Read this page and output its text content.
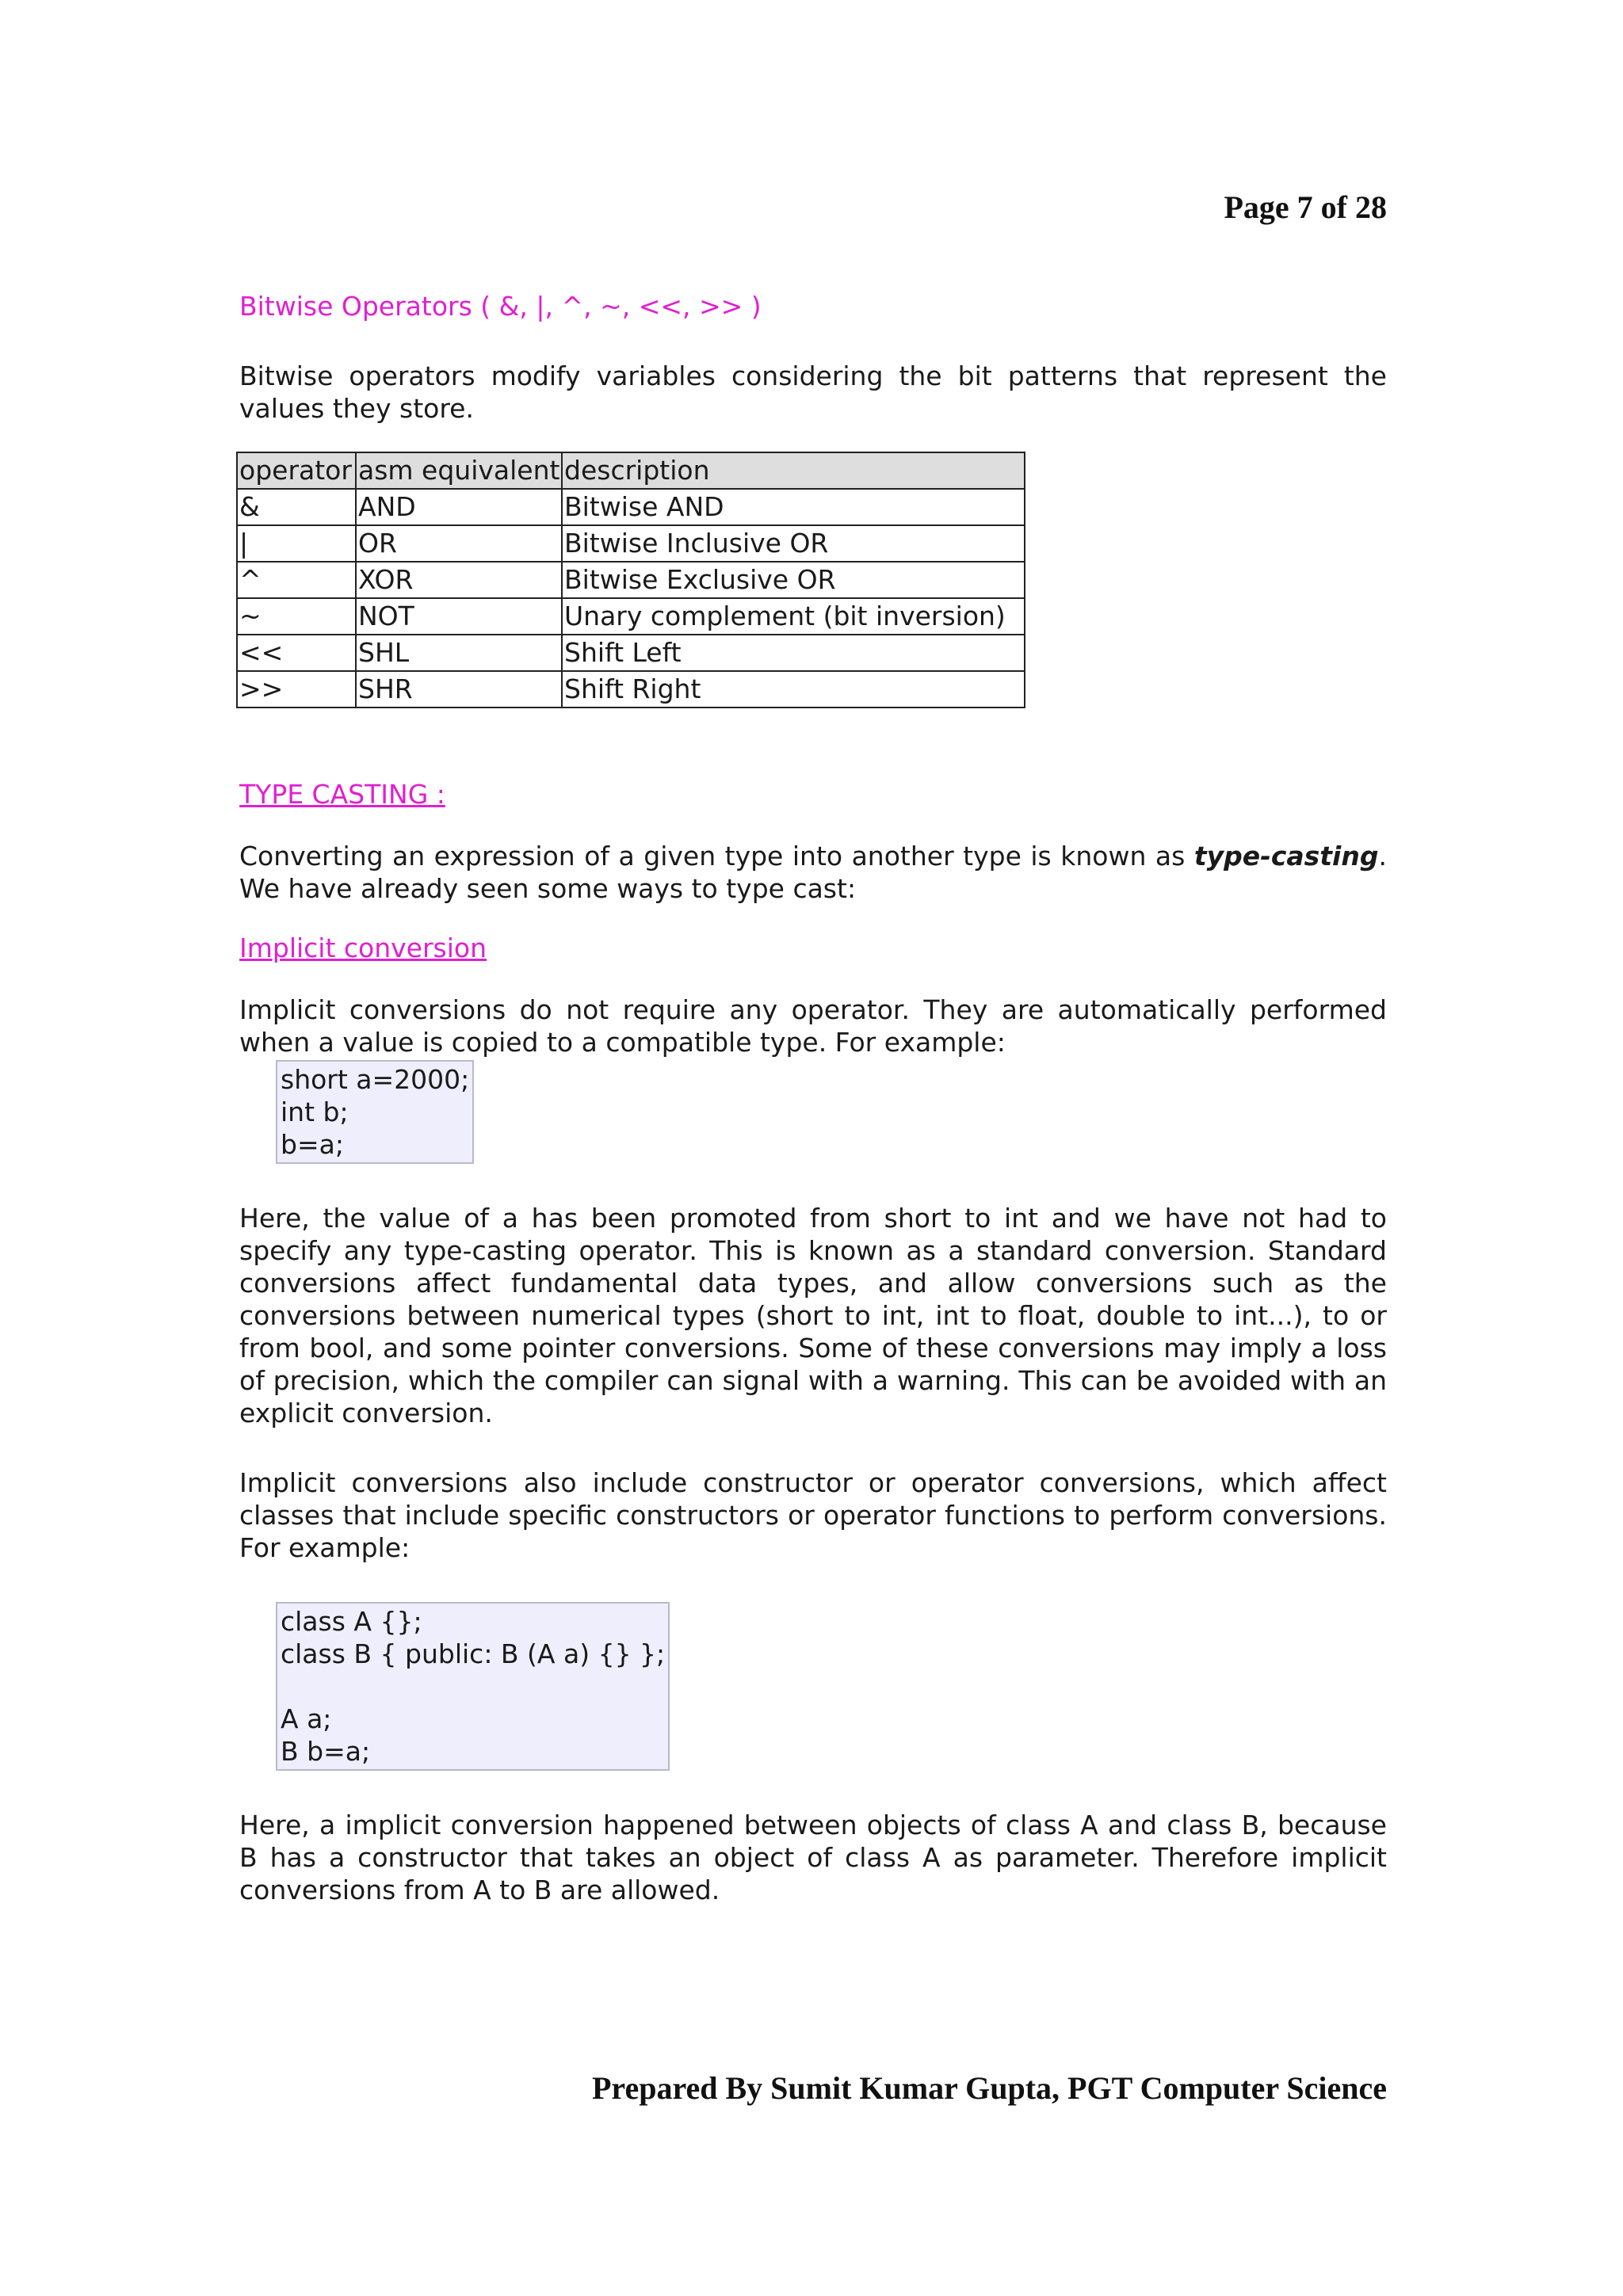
Page 7 of 28
Bitwise Operators ( &, |, ^, ~, <<, >> )

Bitwise operators modify variables considering the bit patterns that represent the values they store.

operator	asm equivalent	description
&	AND	Bitwise AND
|	OR	Bitwise Inclusive OR
^	XOR	Bitwise Exclusive OR
~	NOT	Unary complement (bit inversion)
<<	SHL	Shift Left
>>	SHR	Shift Right
TYPE CASTING :

Converting an expression of a given type into another type is known as type-casting. We have already seen some ways to type cast:

Implicit conversion

Implicit conversions do not require any operator. They are automatically performed when a value is copied to a compatible type. For example:

short a=2000;
int b;
b=a;

Here, the value of a has been promoted from short to int and we have not had to specify any type-casting operator. This is known as a standard conversion. Standard conversions affect fundamental data types, and allow conversions such as the conversions between numerical types (short to int, int to float, double to int...), to or from bool, and some pointer conversions. Some of these conversions may imply a loss of precision, which the compiler can signal with a warning. This can be avoided with an explicit conversion.

Implicit conversions also include constructor or operator conversions, which affect classes that include specific constructors or operator functions to perform conversions. For example:

class A {};
class B { public: B (A a) {} };
A a;
B b=a;

Here, a implicit conversion happened between objects of class A and class B, because B has a constructor that takes an object of class A as parameter. Therefore implicit conversions from A to B are allowed.

Prepared By Sumit Kumar Gupta, PGT Computer Science
